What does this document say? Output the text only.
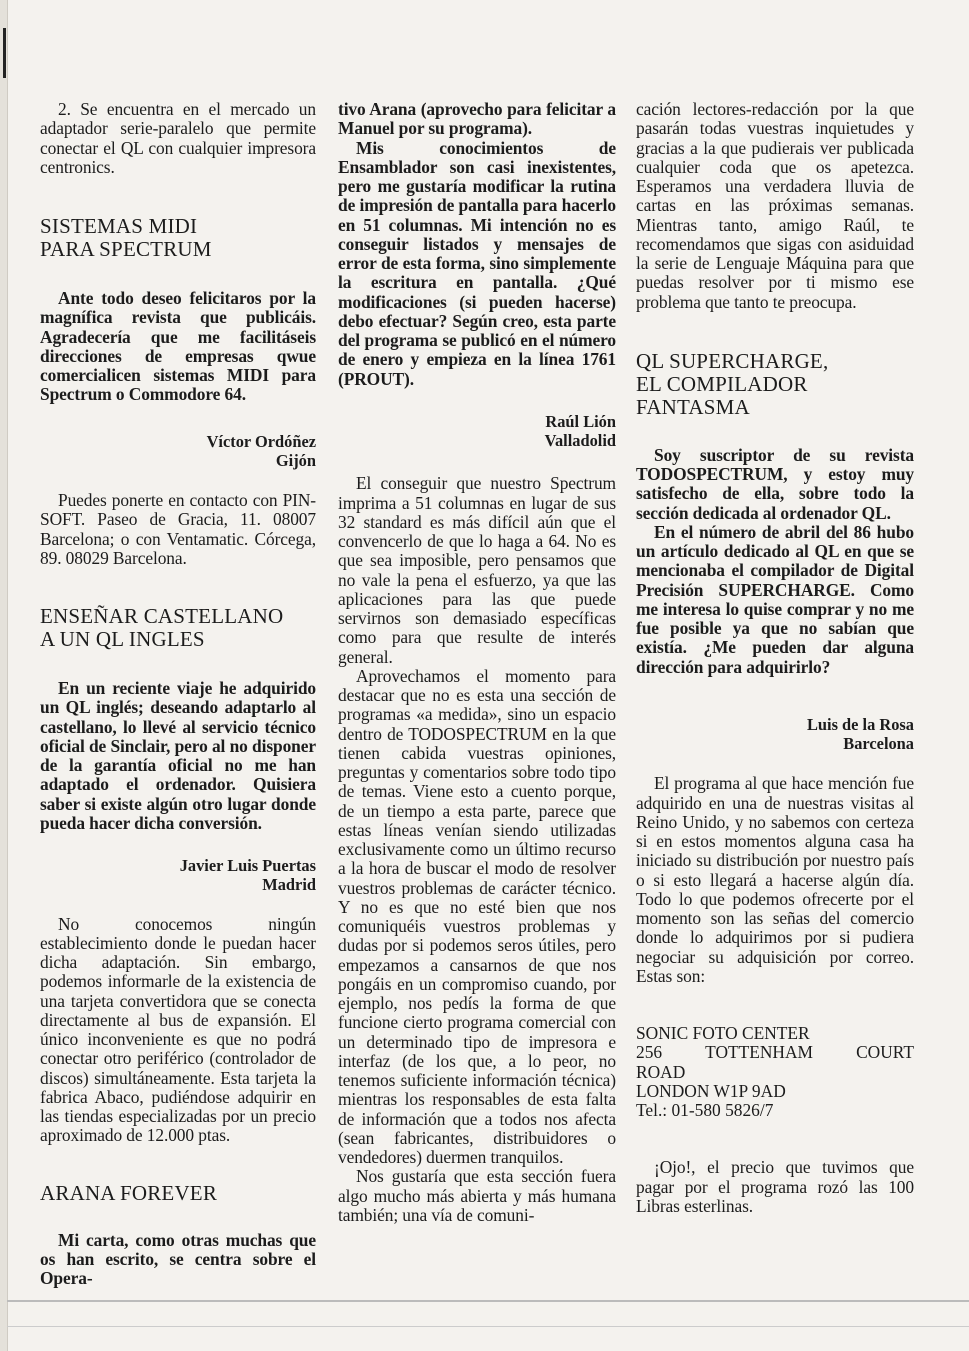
2. Se encuentra en el mercado un adaptador serie-paralelo que permite conectar el QL con cualquier impresora centronics.

SISTEMAS MIDI
PARA SPECTRUM

Ante todo deseo felicitaros por la magnífica revista que publicáis. Agradecería que me facilitáseis direcciones de empresas qwue comercialicen sistemas MIDI para Spectrum o Commodore 64.

Víctor Ordóñez
Gijón

Puedes ponerte en contacto con PIN-SOFT. Paseo de Gracia, 11. 08007 Barcelona; o con Ventamatic. Córcega, 89. 08029 Barcelona.

ENSEÑAR CASTELLANO
A UN QL INGLES

En un reciente viaje he adquirido un QL inglés; deseando adaptarlo al castellano, lo llevé al servicio técnico oficial de Sinclair, pero al no disponer de la garantía oficial no me han adaptado el ordenador. Quisiera saber si existe algún otro lugar donde pueda hacer dicha conversión.

Javier Luis Puertas
Madrid

No conocemos ningún establecimiento donde le puedan hacer dicha adaptación. Sin embargo, podemos informarle de la existencia de una tarjeta convertidora que se conecta directamente al bus de expansión. El único inconveniente es que no podrá conectar otro periférico (controlador de discos) simultáneamente. Esta tarjeta la fabrica Abaco, pudiéndose adquirir en las tiendas especializadas por un precio aproximado de 12.000 ptas.

ARANA FOREVER

Mi carta, como otras muchas que os han escrito, se centra sobre el Opera-

tivo Arana (aprovecho para felicitar a Manuel por su programa).

Mis conocimientos de Ensamblador son casi inexistentes, pero me gustaría modificar la rutina de impresión de pantalla para hacerlo en 51 columnas. Mi intención no es conseguir listados y mensajes de error de esta forma, sino simplemente la escritura en pantalla. ¿Qué modificaciones (si pueden hacerse) debo efectuar? Según creo, esta parte del programa se publicó en el número de enero y empieza en la línea 1761 (PROUT).

Raúl Lión
Valladolid

El conseguir que nuestro Spectrum imprima a 51 columnas en lugar de sus 32 standard es más difícil aún que el convencerlo de que lo haga a 64. No es que sea imposible, pero pensamos que no vale la pena el esfuerzo, ya que las aplicaciones para las que puede servirnos son demasiado específicas como para que resulte de interés general.

Aprovechamos el momento para destacar que no es esta una sección de programas «a medida», sino un espacio dentro de TODOSPECTRUM en la que tienen cabida vuestras opiniones, preguntas y comentarios sobre todo tipo de temas. Viene esto a cuento porque, de un tiempo a esta parte, parece que estas líneas venían siendo utilizadas exclusivamente como un último recurso a la hora de buscar el modo de resolver vuestros problemas de carácter técnico. Y no es que no esté bien que nos comuniquéis vuestros problemas y dudas por si podemos seros útiles, pero empezamos a cansarnos de que nos pongáis en un compromiso cuando, por ejemplo, nos pedís la forma de que funcione cierto programa comercial con un determinado tipo de impresora e interfaz (de los que, a lo peor, no tenemos suficiente información técnica) mientras los responsables de esta falta de información que a todos nos afecta (sean fabricantes, distribuidores o vendedores) duermen tranquilos.

Nos gustaría que esta sección fuera algo mucho más abierta y más humana también; una vía de comuni-

cación lectores-redacción por la que pasarán todas vuestras inquietudes y gracias a la que pudierais ver publicada cualquier coda que os apetezca. Esperamos una verdadera lluvia de cartas en las próximas semanas. Mientras tanto, amigo Raúl, te recomendamos que sigas con asiduidad la serie de Lenguaje Máquina para que puedas resolver por ti mismo ese problema que tanto te preocupa.

QL SUPERCHARGE,
EL COMPILADOR
FANTASMA

Soy suscriptor de su revista TODOSPECTRUM, y estoy muy satisfecho de ella, sobre todo la sección dedicada al ordenador QL.

En el número de abril del 86 hubo un artículo dedicado al QL en que se mencionaba el compilador de Digital Precisión SUPERCHARGE. Como me interesa lo quise comprar y no me fue posible ya que no sabían que existía. ¿Me pueden dar alguna dirección para adquirirlo?

Luis de la Rosa
Barcelona

El programa al que hace mención fue adquirido en una de nuestras visitas al Reino Unido, y no sabemos con certeza si en estos momentos alguna casa ha iniciado su distribución por nuestro país o si esto llegará a hacerse algún día. Todo lo que podemos ofrecerte por el momento son las señas del comercio donde lo adquirimos por si pudiera negociar su adquisición por correo. Estas son:

SONIC FOTO CENTER
256 TOTTENHAM COURT
ROAD
LONDON W1P 9AD
Tel.: 01-580 5826/7

¡Ojo!, el precio que tuvimos que pagar por el programa rozó las 100 Libras esterlinas.
